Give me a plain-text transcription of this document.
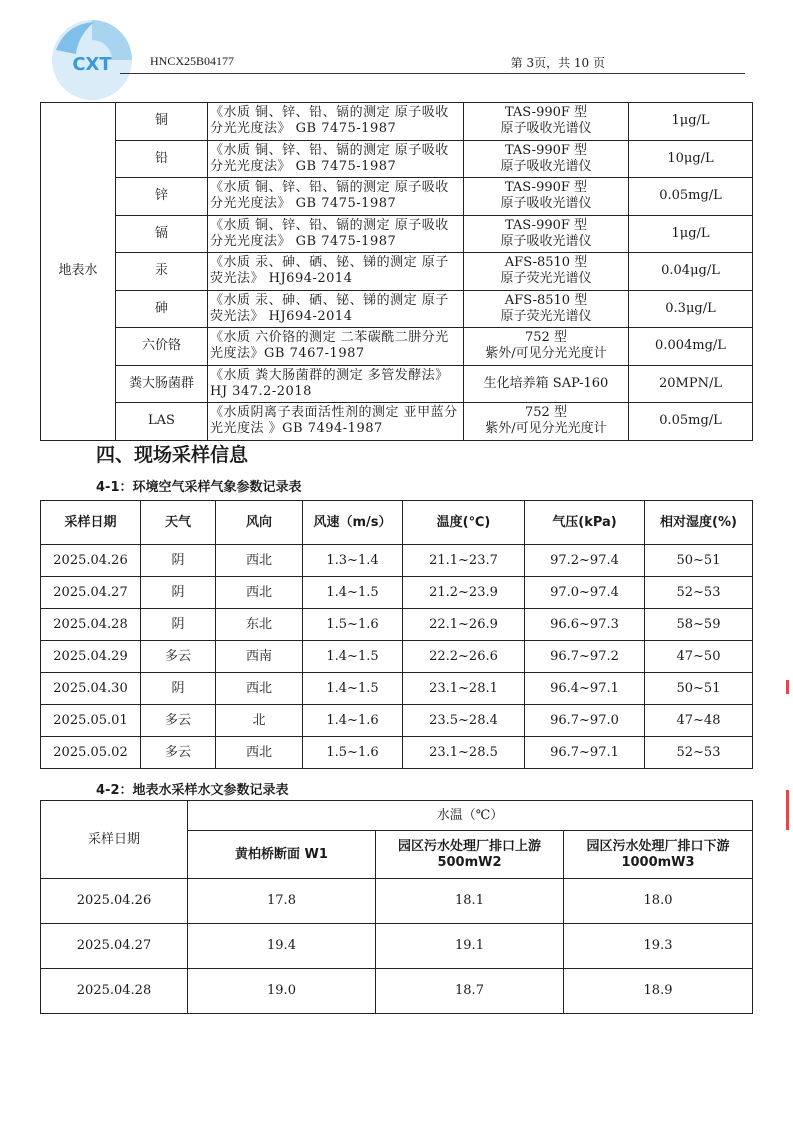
CXT	HNCX25B04177	第 3页，共 10 页
地表水	铜	《水质 铜、锌、铅、镉的测定 原子吸收分光光度法》 GB 7475-1987	TAS-990F 型
原子吸收光谱仪	1μg/L
	铅	《水质 铜、锌、铅、镉的测定 原子吸收分光光度法》 GB 7475-1987	TAS-990F 型
原子吸收光谱仪	10μg/L
	锌	《水质 铜、锌、铅、镉的测定 原子吸收分光光度法》 GB 7475-1987	TAS-990F 型
原子吸收光谱仪	0.05mg/L
	镉	《水质 铜、锌、铅、镉的测定 原子吸收分光光度法》 GB 7475-1987	TAS-990F 型
原子吸收光谱仪	1μg/L
	汞	《水质 汞、砷、硒、铋、锑的测定 原子荧光法》 HJ694-2014	AFS-8510 型
原子荧光光谱仪	0.04μg/L
	砷	《水质 汞、砷、硒、铋、锑的测定 原子荧光法》 HJ694-2014	AFS-8510 型
原子荧光光谱仪	0.3μg/L
	六价铬	《水质 六价铬的测定 二苯碳酰二肼分光光度法》GB 7467-1987	752 型
紫外/可见分光光度计	0.004mg/L
	粪大肠菌群	《水质 粪大肠菌群的测定 多管发酵法》 HJ 347.2-2018	生化培养箱 SAP-160	20MPN/L
	LAS	《水质阴离子表面活性剂的测定 亚甲蓝分光光度法 》GB 7494-1987	752 型
紫外/可见分光光度计	0.05mg/L
四、现场采样信息
4-1：环境空气采样气象参数记录表
采样日期	天气	风向	风速（m/s）	温度(℃)	气压(kPa)	相对湿度(%)
2025.04.26	阴	西北	1.3~1.4	21.1~23.7	97.2~97.4	50~51
2025.04.27	阴	西北	1.4~1.5	21.2~23.9	97.0~97.4	52~53
2025.04.28	阴	东北	1.5~1.6	22.1~26.9	96.6~97.3	58~59
2025.04.29	多云	西南	1.4~1.5	22.2~26.6	96.7~97.2	47~50
2025.04.30	阴	西北	1.4~1.5	23.1~28.1	96.4~97.1	50~51
2025.05.01	多云	北	1.4~1.6	23.5~28.4	96.7~97.0	47~48
2025.05.02	多云	西北	1.5~1.6	23.1~28.5	96.7~97.1	52~53
4-2：地表水采样水文参数记录表
采样日期	水温（℃）		
	黄柏桥断面 W1	园区污水处理厂排口上游 500mW2	园区污水处理厂排口下游 1000mW3
2025.04.26	17.8	18.1	18.0
2025.04.27	19.4	19.1	19.3
2025.04.28	19.0	18.7	18.9
